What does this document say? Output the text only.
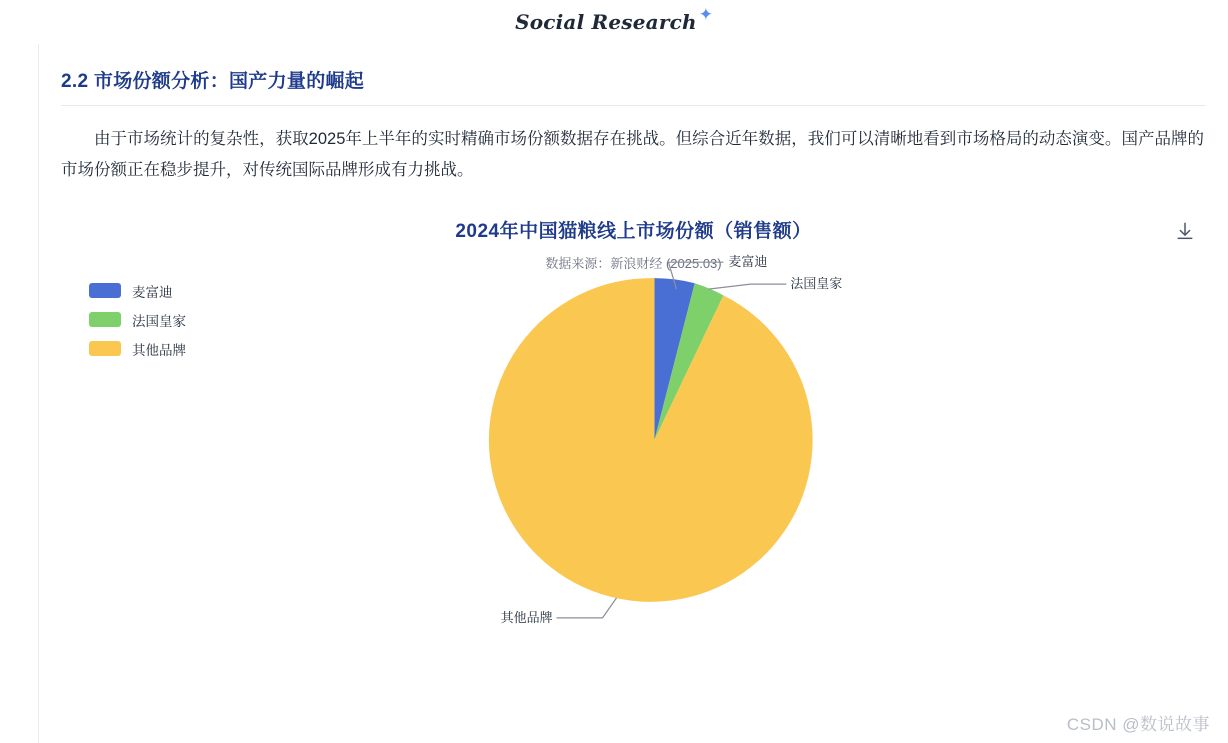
Social Research ✦
2.2 市场份额分析：国产力量的崛起
由于市场统计的复杂性，获取2025年上半年的实时精确市场份额数据存在挑战。但综合近年数据，我们可以清晰地看到市场格局的动态演变。国产品牌的市场份额正在稳步提升，对传统国际品牌形成有力挑战。
2024年中国猫粮线上市场份额（销售额）
数据来源：新浪财经 (2025.03)
麦富迪
法国皇家
其他品牌
麦富迪
法国皇家
其他品牌
CSDN @数说故事
